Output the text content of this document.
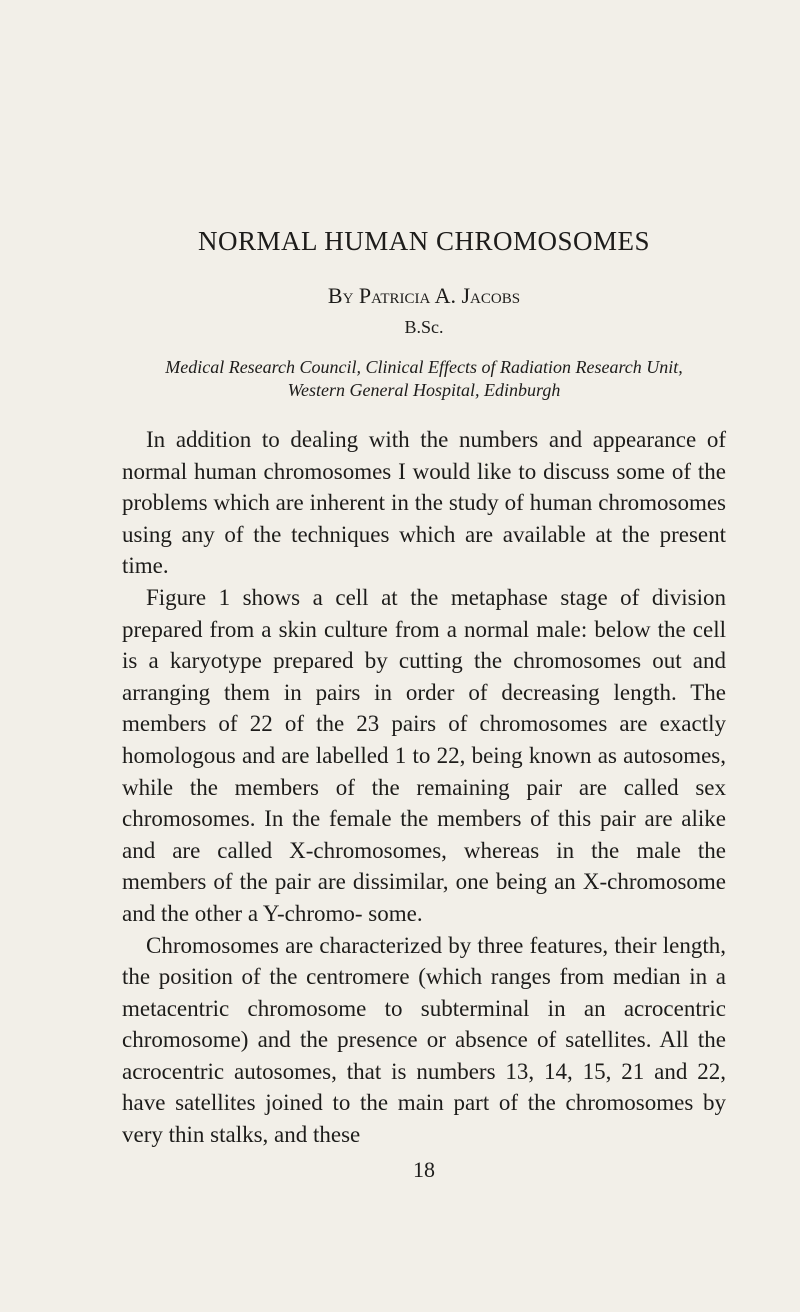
NORMAL HUMAN CHROMOSOMES
By Patricia A. Jacobs
B.Sc.
Medical Research Council, Clinical Effects of Radiation Research Unit,
Western General Hospital, Edinburgh

In addition to dealing with the numbers and appearance of normal human chromosomes I would like to discuss some of the problems which are inherent in the study of human chromosomes using any of the techniques which are available at the present time.

Figure 1 shows a cell at the metaphase stage of division prepared from a skin culture from a normal male: below the cell is a karyotype prepared by cutting the chromosomes out and arranging them in pairs in order of decreasing length. The members of 22 of the 23 pairs of chromosomes are exactly homologous and are labelled 1 to 22, being known as autosomes, while the members of the remaining pair are called sex chromosomes. In the female the members of this pair are alike and are called X-chromosomes, whereas in the male the members of the pair are dissimilar, one being an X-chromosome and the other a Y-chromo- some.

Chromosomes are characterized by three features, their length, the position of the centromere (which ranges from median in a metacentric chromosome to subterminal in an acrocentric chromosome) and the presence or absence of satellites. All the acrocentric autosomes, that is numbers 13, 14, 15, 21 and 22, have satellites joined to the main part of the chromosomes by very thin stalks, and these

18
